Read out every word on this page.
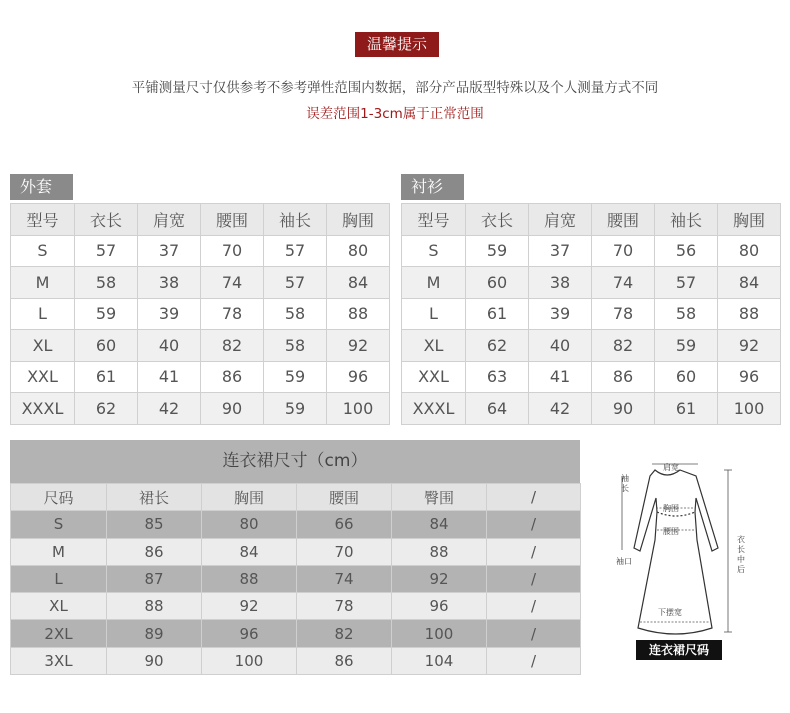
温馨提示
平铺测量尺寸仅供参考不参考弹性范围内数据，部分产品版型特殊以及个人测量方式不同
误差范围1-3cm属于正常范围
外套
型号	衣长	肩宽	腰围	袖长	胸围
S	57	37	70	57	80
M	58	38	74	57	84
L	59	39	78	58	88
XL	60	40	82	58	92
XXL	61	41	86	59	96
XXXL	62	42	90	59	100
衬衫
型号	衣长	肩宽	腰围	袖长	胸围
S	59	37	70	56	80
M	60	38	74	57	84
L	61	39	78	58	88
XL	62	40	82	59	92
XXL	63	41	86	60	96
XXXL	64	42	90	61	100
连衣裙尺寸（cm）
尺码	裙长	胸围	腰围	臀围	/
S	85	80	66	84	/
M	86	84	70	88	/
L	87	88	74	92	/
XL	88	92	78	96	/
2XL	89	96	82	100	/
3XL	90	100	86	104	/
肩宽
袖长
胸围
腰围
袖口
衣长中后
下摆宽
连衣裙尺码
